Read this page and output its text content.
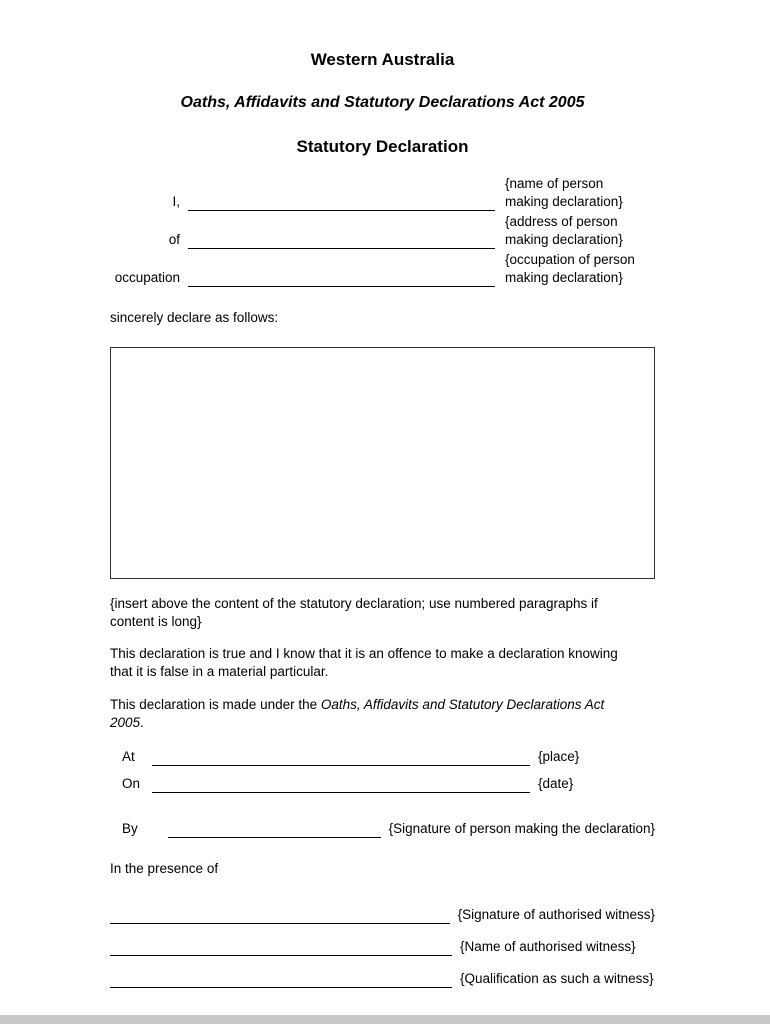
Western Australia
Oaths, Affidavits and Statutory Declarations Act 2005
Statutory Declaration
I,
{name of person
making declaration}
of
{address of person
making declaration}
occupation
{occupation of person
making declaration}
sincerely declare as follows:
{insert above the content of the statutory declaration; use numbered paragraphs if
content is long}
This declaration is true and I know that it is an offence to make a declaration knowing
that it is false in a material particular.
This declaration is made under the Oaths, Affidavits and Statutory Declarations Act
2005.
At	{place}
On	{date}
By	{Signature of person making the declaration}
In the presence of
{Signature of authorised witness}
{Name of authorised witness}
{Qualification as such a witness}
